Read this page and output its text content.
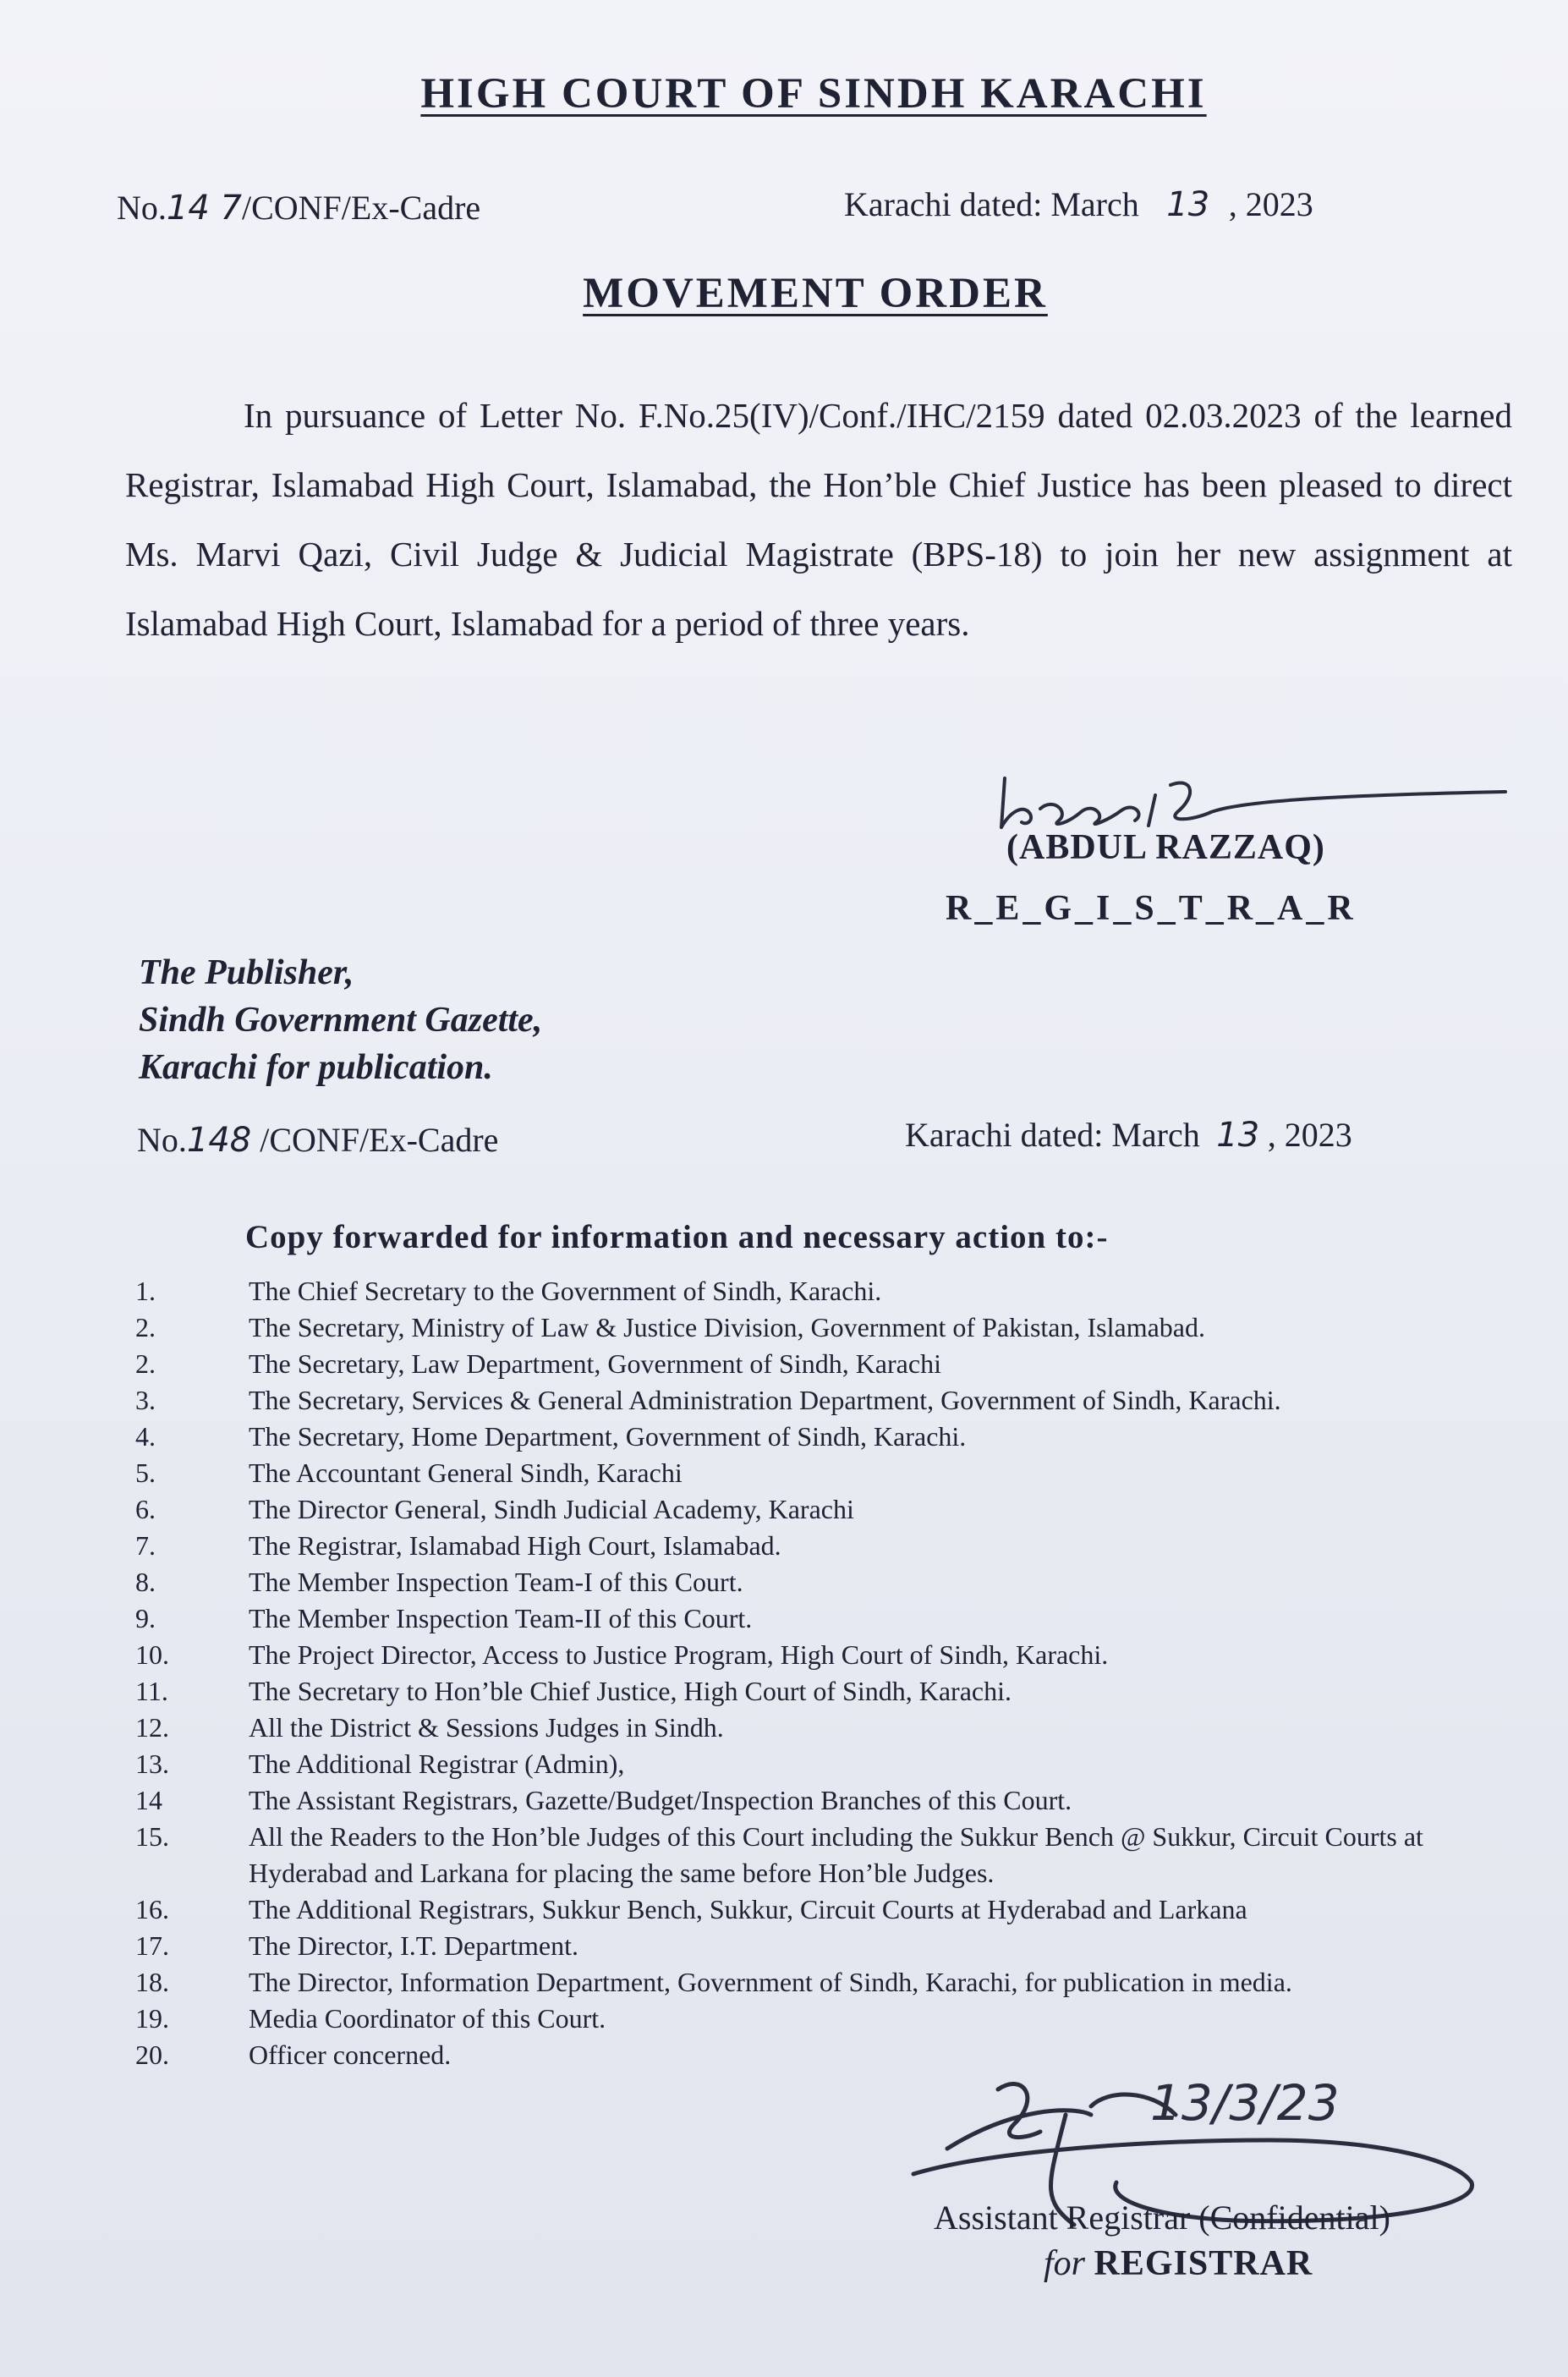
HIGH COURT OF SINDH KARACHI
No.14 7/CONF/Ex-Cadre	Karachi dated: March 13 , 2023
MOVEMENT ORDER
In pursuance of Letter No. F.No.25(IV)/Conf./IHC/2159 dated 02.03.2023 of the learned Registrar, Islamabad High Court, Islamabad, the Hon’ble Chief Justice has been pleased to direct Ms. Marvi Qazi, Civil Judge & Judicial Magistrate (BPS-18) to join her new assignment at Islamabad High Court, Islamabad for a period of three years.
(ABDUL RAZZAQ)
R_E_G_I_S_T_R_A_R
The Publisher,
Sindh Government Gazette,
Karachi for publication.
No.148 /CONF/Ex-Cadre	Karachi dated: March 13 , 2023
Copy forwarded for information and necessary action to:-
1.	The Chief Secretary to the Government of Sindh, Karachi.
2.	The Secretary, Ministry of Law & Justice Division, Government of Pakistan, Islamabad.
2.	The Secretary, Law Department, Government of Sindh, Karachi
3.	The Secretary, Services & General Administration Department, Government of Sindh, Karachi.
4.	The Secretary, Home Department, Government of Sindh, Karachi.
5.	The Accountant General Sindh, Karachi
6.	The Director General, Sindh Judicial Academy, Karachi
7.	The Registrar, Islamabad High Court, Islamabad.
8.	The Member Inspection Team-I of this Court.
9.	The Member Inspection Team-II of this Court.
10.	The Project Director, Access to Justice Program, High Court of Sindh, Karachi.
11.	The Secretary to Hon’ble Chief Justice, High Court of Sindh, Karachi.
12.	All the District & Sessions Judges in Sindh.
13.	The Additional Registrar (Admin),
14	The Assistant Registrars, Gazette/Budget/Inspection Branches of this Court.
15.	All the Readers to the Hon’ble Judges of this Court including the Sukkur Bench @ Sukkur, Circuit Courts at Hyderabad and Larkana for placing the same before Hon’ble Judges.
16.	The Additional Registrars, Sukkur Bench, Sukkur, Circuit Courts at Hyderabad and Larkana
17.	The Director, I.T. Department.
18.	The Director, Information Department, Government of Sindh, Karachi, for publication in media.
19.	Media Coordinator of this Court.
20.	Officer concerned.
13/3/23
Assistant Registrar (Confidential)
for REGISTRAR
